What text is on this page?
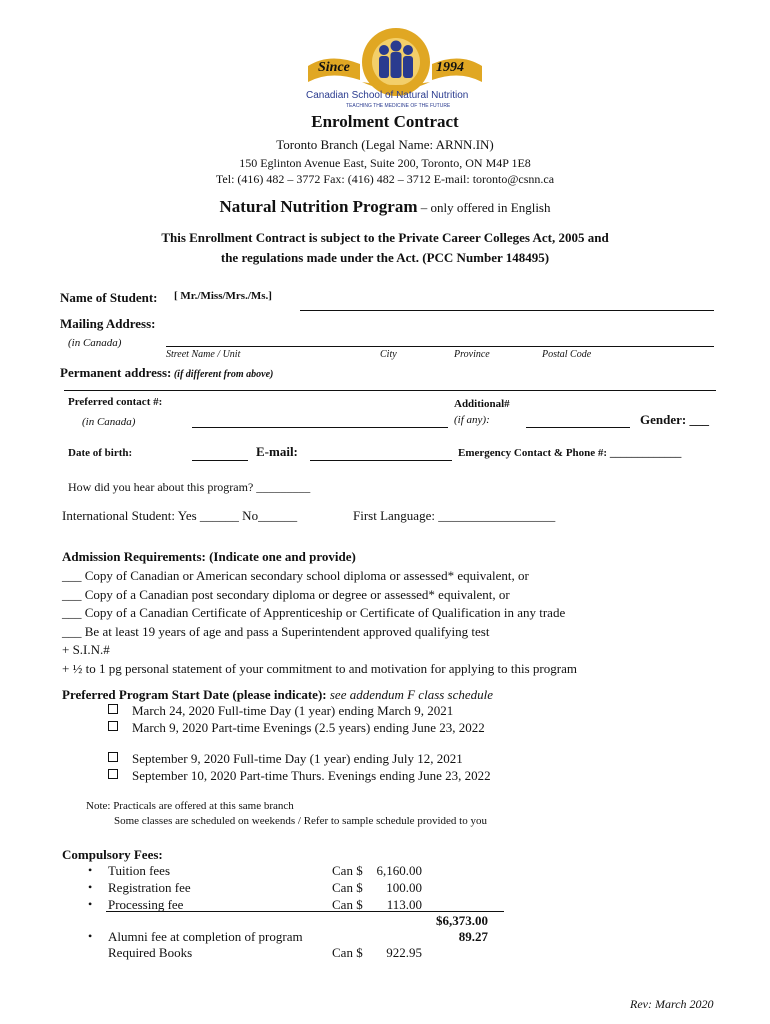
Since	1994
Canadian School of Natural Nutrition
TEACHING THE MEDICINE OF THE FUTURE
Enrolment Contract
Toronto Branch (Legal Name: ARNN.IN)
150 Eglinton Avenue East, Suite 200, Toronto, ON M4P 1E8
Tel: (416) 482 – 3772 Fax: (416) 482 – 3712 E-mail: toronto@csnn.ca
Natural Nutrition Program – only offered in English
This Enrollment Contract is subject to the Private Career Colleges Act, 2005 and
the regulations made under the Act. (PCC Number 148495)
Name of Student: [ Mr./Miss/Mrs./Ms.]
Mailing Address:
(in Canada)
Street Name / Unit	City	Province	Postal Code
Permanent address: (if different from above)
Preferred contact #:
(in Canada)
Additional#
(if any):	Gender: ___
Date of birth:	E-mail:	Emergency Contact & Phone #: _____________
How did you hear about this program? _________
International Student: Yes ______ No______	First Language: __________________
Admission Requirements: (Indicate one and provide)
___ Copy of Canadian or American secondary school diploma or assessed* equivalent, or
___ Copy of a Canadian post secondary diploma or degree or assessed* equivalent, or
___ Copy of a Canadian Certificate of Apprenticeship or Certificate of Qualification in any trade
___ Be at least 19 years of age and pass a Superintendent approved qualifying test
+ S.I.N.#
+ ½ to 1 pg personal statement of your commitment to and motivation for applying to this program
Preferred Program Start Date (please indicate): see addendum F class schedule
March 24, 2020 Full-time Day (1 year) ending March 9, 2021
March 9, 2020 Part-time Evenings (2.5 years) ending June 23, 2022
September 9, 2020 Full-time Day (1 year) ending July 12, 2021
September 10, 2020 Part-time Thurs. Evenings ending June 23, 2022
Note: Practicals are offered at this same branch
Some classes are scheduled on weekends / Refer to sample schedule provided to you
Compulsory Fees:
• Tuition fees	Can $	6,160.00
• Registration fee	Can $	100.00
• Processing fee	Can $	113.00
$6,373.00
• Alumni fee at completion of program	89.27
Required Books	Can $	922.95
Rev: March 2020
